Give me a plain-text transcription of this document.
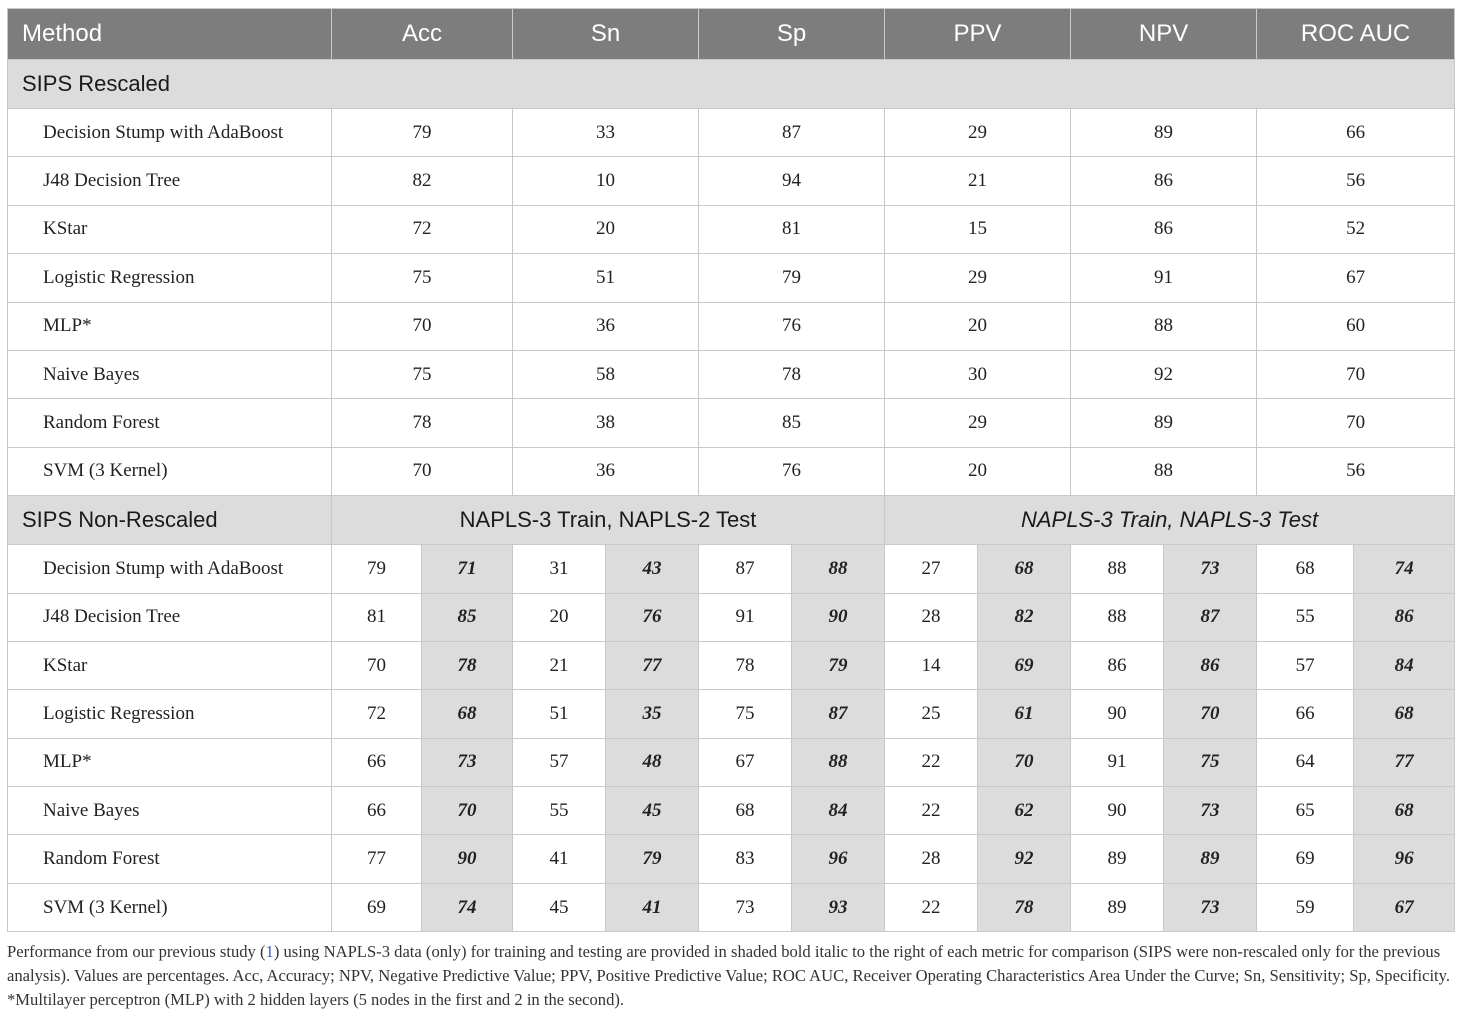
Method	Acc		Sn		Sp		PPV		NPV		ROC AUC	
SIPS Rescaled												
Decision Stump with AdaBoost	79		33		87		29		89		66	
J48 Decision Tree	82		10		94		21		86		56	
KStar	72		20		81		15		86		52	
Logistic Regression	75		51		79		29		91		67	
MLP*	70		36		76		20		88		60	
Naive Bayes	75		58		78		30		92		70	
Random Forest	78		38		85		29		89		70	
SVM (3 Kernel)	70		36		76		20		88		56	
SIPS Non-Rescaled	NAPLS-3 Train, NAPLS-2 Test						NAPLS-3 Train, NAPLS-3 Test					
Decision Stump with AdaBoost	79	71	31	43	87	88	27	68	88	73	68	74
J48 Decision Tree	81	85	20	76	91	90	28	82	88	87	55	86
KStar	70	78	21	77	78	79	14	69	86	86	57	84
Logistic Regression	72	68	51	35	75	87	25	61	90	70	66	68
MLP*	66	73	57	48	67	88	22	70	91	75	64	77
Naive Bayes	66	70	55	45	68	84	22	62	90	73	65	68
Random Forest	77	90	41	79	83	96	28	92	89	89	69	96
SVM (3 Kernel)	69	74	45	41	73	93	22	78	89	73	59	67
Performance from our previous study (1) using NAPLS-3 data (only) for training and testing are provided in shaded bold italic to the right of each metric for comparison (SIPS were non-rescaled only for the previous analysis). Values are percentages. Acc, Accuracy; NPV, Negative Predictive Value; PPV, Positive Predictive Value; ROC AUC, Receiver Operating Characteristics Area Under the Curve; Sn, Sensitivity; Sp, Specificity. *Multilayer perceptron (MLP) with 2 hidden layers (5 nodes in the first and 2 in the second).
